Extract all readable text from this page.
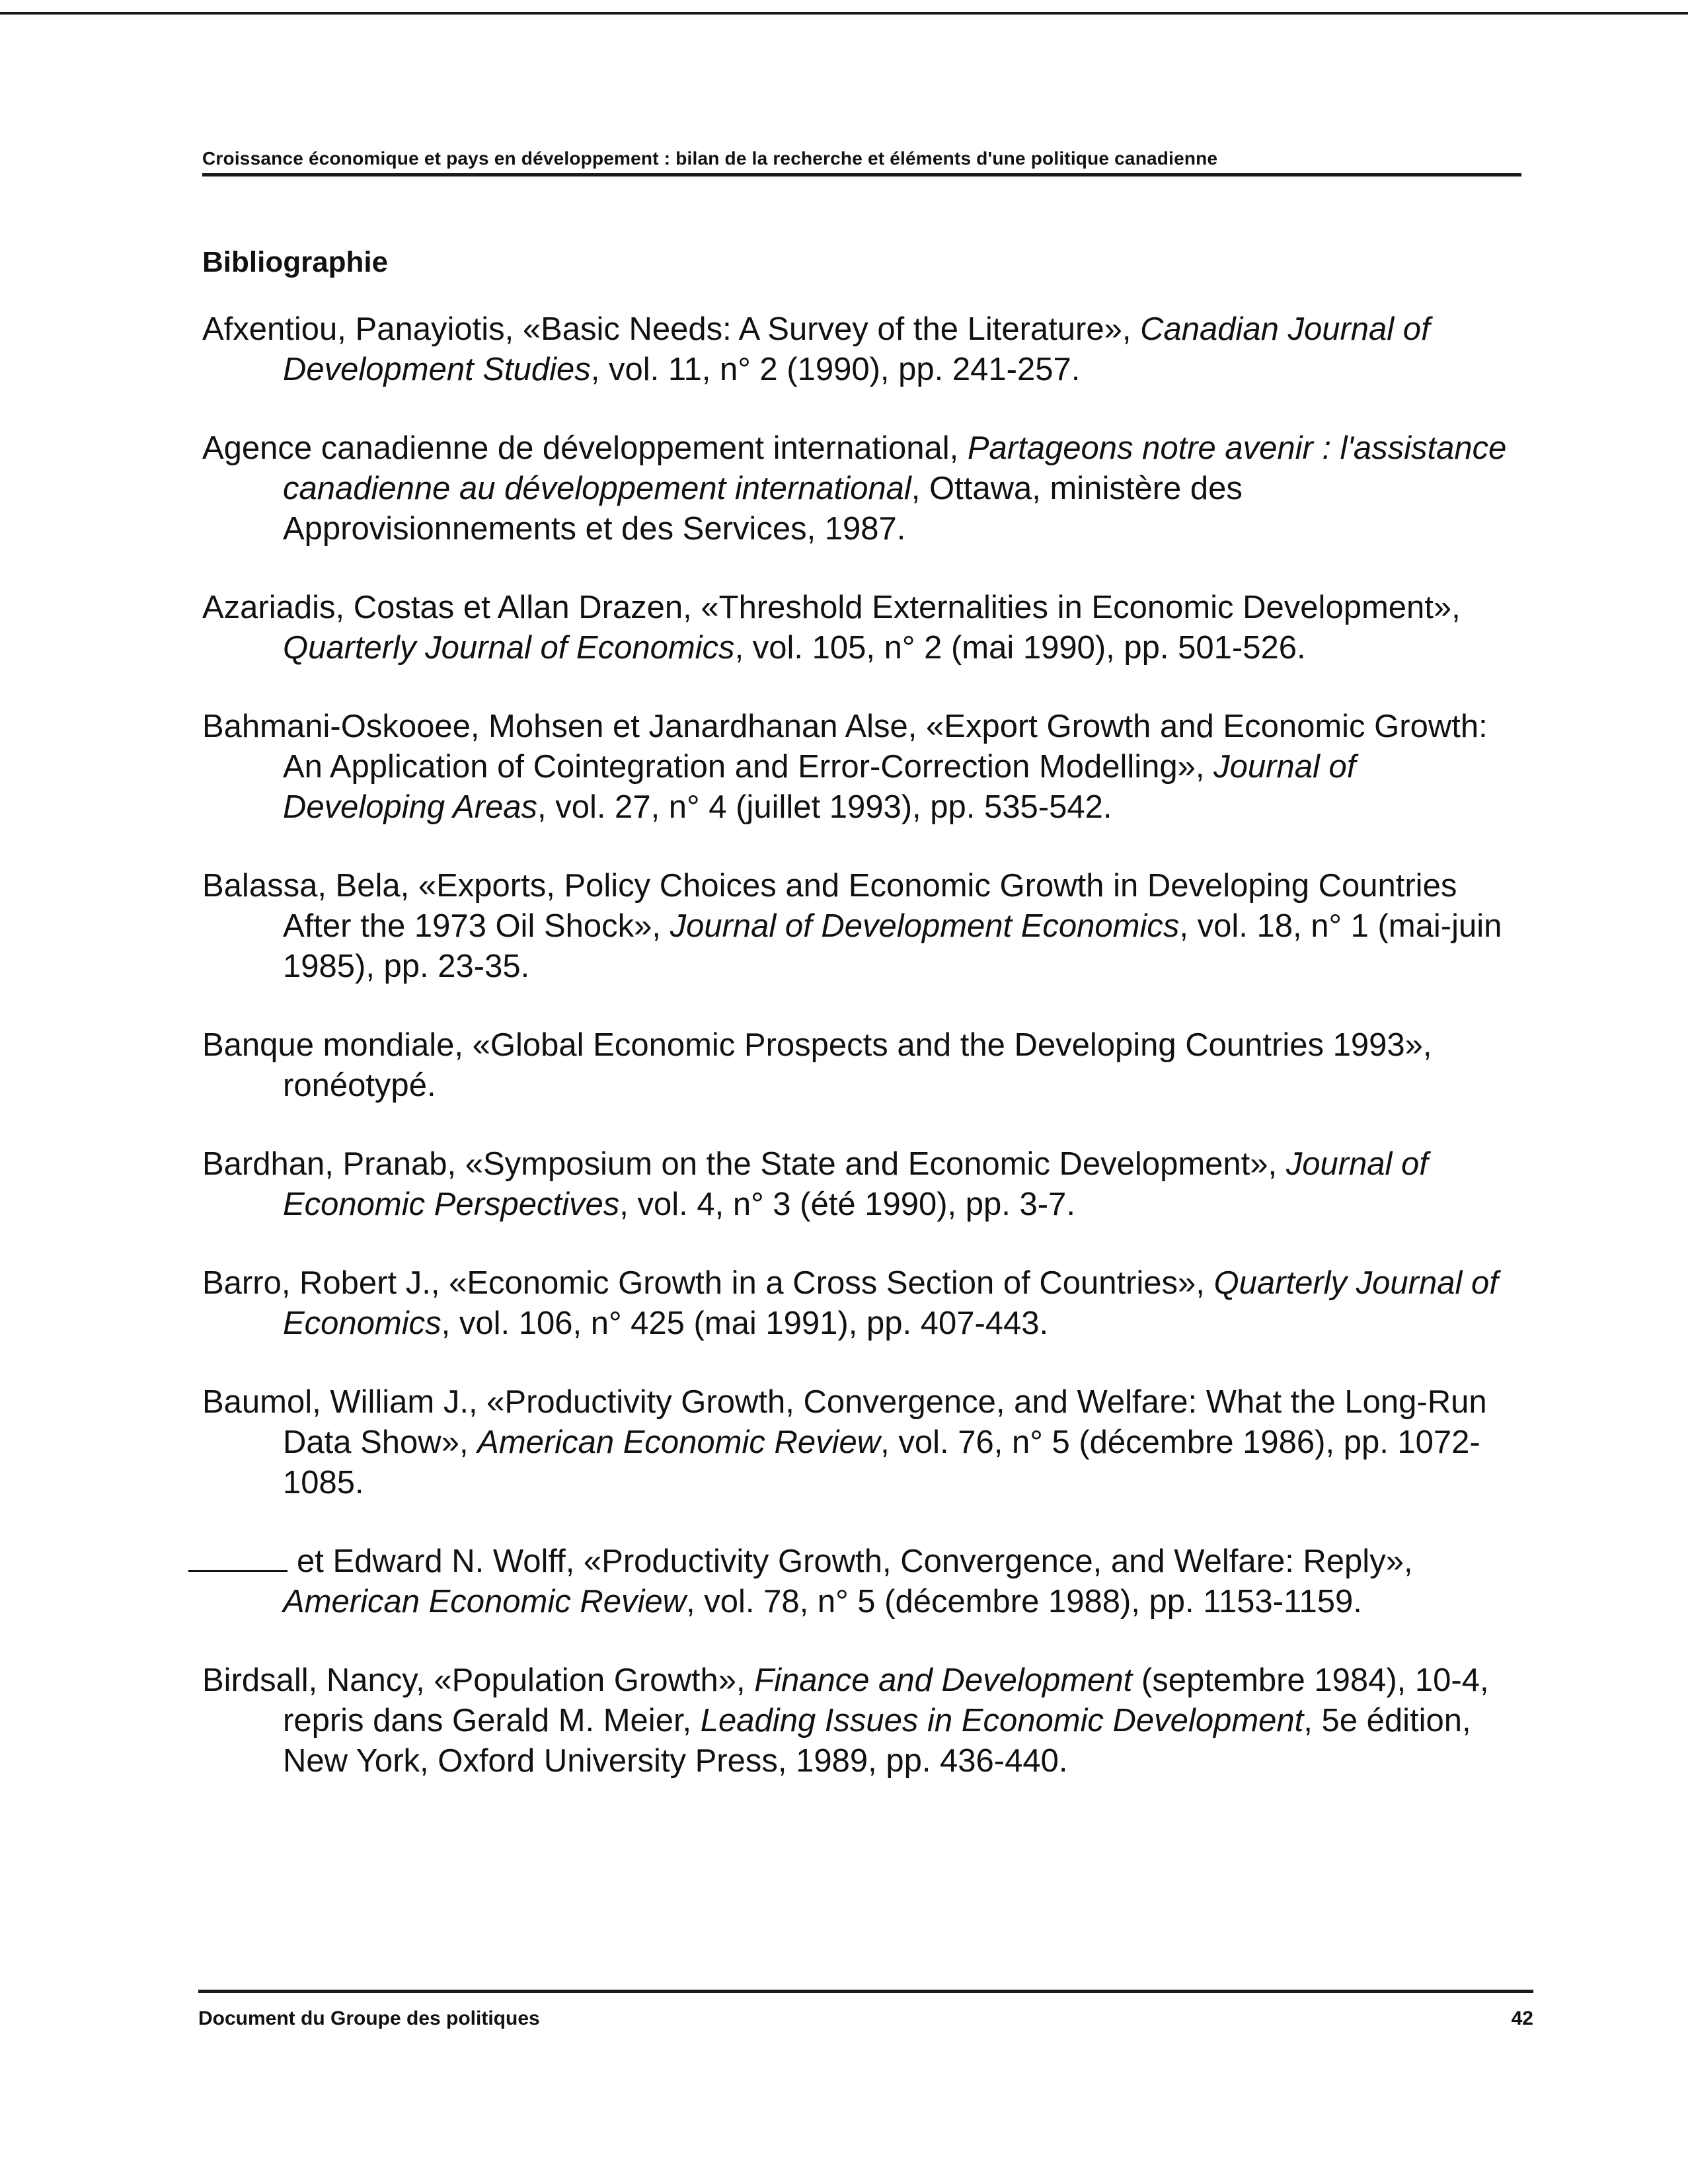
Croissance économique et pays en développement : bilan de la recherche et éléments d'une politique canadienne
Bibliographie

Afxentiou, Panayiotis, «Basic Needs: A Survey of the Literature», Canadian Journal of Development Studies, vol. 11, n° 2 (1990), pp. 241-257.

Agence canadienne de développement international, Partageons notre avenir : l'assistance canadienne au développement international, Ottawa, ministère des Approvisionnements et des Services, 1987.

Azariadis, Costas et Allan Drazen, «Threshold Externalities in Economic Development», Quarterly Journal of Economics, vol. 105, n° 2 (mai 1990), pp. 501-526.

Bahmani-Oskooee, Mohsen et Janardhanan Alse, «Export Growth and Economic Growth: An Application of Cointegration and Error-Correction Modelling», Journal of Developing Areas, vol. 27, n° 4 (juillet 1993), pp. 535-542.

Balassa, Bela, «Exports, Policy Choices and Economic Growth in Developing Countries After the 1973 Oil Shock», Journal of Development Economics, vol. 18, n° 1 (mai-juin 1985), pp. 23-35.

Banque mondiale, «Global Economic Prospects and the Developing Countries 1993», ronéotypé.

Bardhan, Pranab, «Symposium on the State and Economic Development», Journal of Economic Perspectives, vol. 4, n° 3 (été 1990), pp. 3-7.

Barro, Robert J., «Economic Growth in a Cross Section of Countries», Quarterly Journal of Economics, vol. 106, n° 425 (mai 1991), pp. 407-443.

Baumol, William J., «Productivity Growth, Convergence, and Welfare: What the Long-Run Data Show», American Economic Review, vol. 76, n° 5 (décembre 1986), pp. 1072-1085.

et Edward N. Wolff, «Productivity Growth, Convergence, and Welfare: Reply», American Economic Review, vol. 78, n° 5 (décembre 1988), pp. 1153-1159.

Birdsall, Nancy, «Population Growth», Finance and Development (septembre 1984), 10-4, repris dans Gerald M. Meier, Leading Issues in Economic Development, 5e édition, New York, Oxford University Press, 1989, pp. 436-440.

Document du Groupe des politiques	42
